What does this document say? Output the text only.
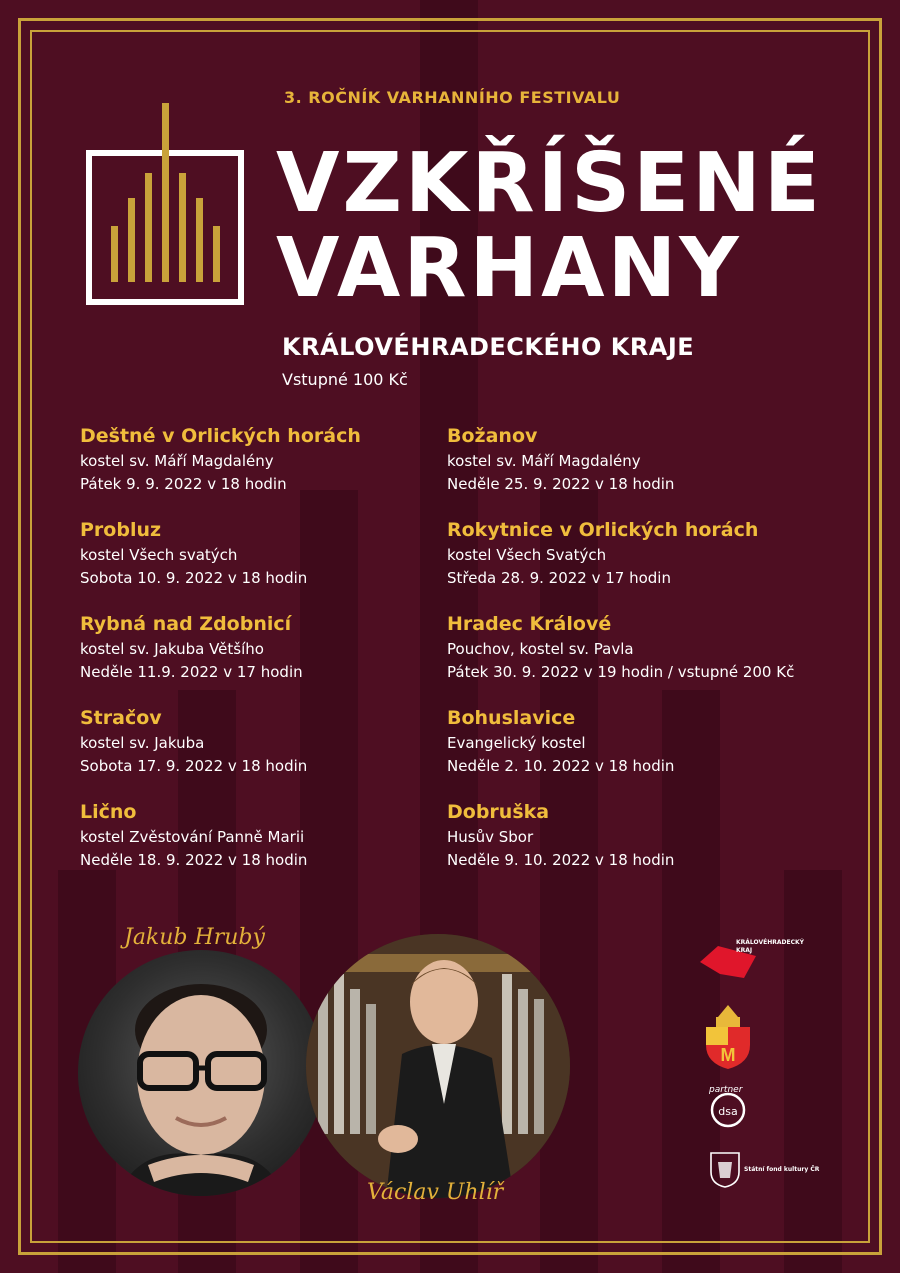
3. ROČNÍK VARHANNÍHO FESTIVALU
VZKŘÍŠENÉ
VARHANY
KRÁLOVÉHRADECKÉHO KRAJE
Vstupné 100 Kč
Deštné v Orlických horách
kostel sv. Máří Magdalény
Pátek 9. 9. 2022 v 18 hodin
Probluz
kostel Všech svatých
Sobota 10. 9. 2022 v 18 hodin
Rybná nad Zdobnicí
kostel sv. Jakuba Většího
Neděle 11.9. 2022 v 17 hodin
Stračov
kostel sv. Jakuba
Sobota 17. 9. 2022 v 18 hodin
Lično
kostel Zvěstování Panně Marii
Neděle 18. 9. 2022 v 18 hodin
Božanov
kostel sv. Máří Magdalény
Neděle 25. 9. 2022 v 18 hodin
Rokytnice v Orlických horách
kostel Všech Svatých
Středa 28. 9. 2022 v 17 hodin
Hradec Králové
Pouchov, kostel sv. Pavla
Pátek 30. 9. 2022 v 19 hodin / vstupné 200 Kč
Bohuslavice
Evangelický kostel
Neděle 2. 10. 2022 v 18 hodin
Dobruška
Husův Sbor
Neděle 9. 10. 2022 v 18 hodin
Jakub Hrubý
Václav Uhlíř
KRÁLOVÉHRADECKÝ
KRAJ
M
dsa
partner
Státní fond kultury ČR
